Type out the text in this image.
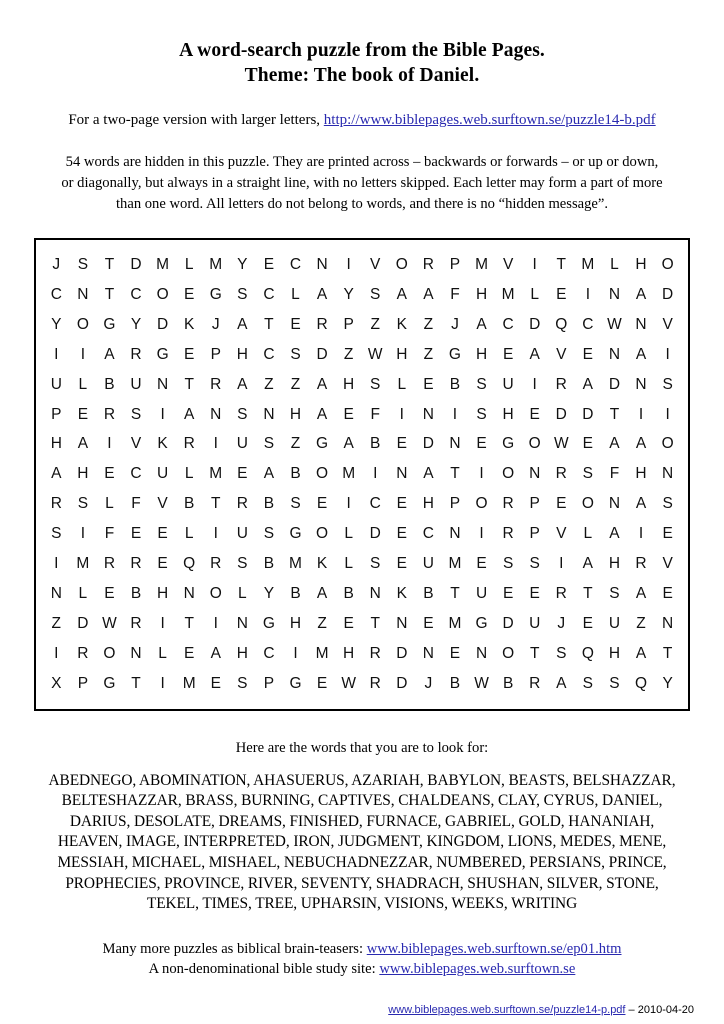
A word-search puzzle from the Bible Pages.
Theme: The book of Daniel.
For a two-page version with larger letters, http://www.biblepages.web.surftown.se/puzzle14-b.pdf
54 words are hidden in this puzzle. They are printed across – backwards or forwards – or up or down,
or diagonally, but always in a straight line, with no letters skipped. Each letter may form a part of more
than one word. All letters do not belong to words, and there is no “hidden message”.
J	S	T	D	M	L	M	Y	E	C	N	I	V	O	R	P	M	V	I	T	M	L	H	O
C	N	T	C	O	E	G	S	C	L	A	Y	S	A	A	F	H	M	L	E	I	N	A	D
Y	O	G	Y	D	K	J	A	T	E	R	P	Z	K	Z	J	A	C	D	Q	C	W	N	V
I	I	A	R	G	E	P	H	C	S	D	Z	W	H	Z	G	H	E	A	V	E	N	A	I
U	L	B	U	N	T	R	A	Z	Z	A	H	S	L	E	B	S	U	I	R	A	D	N	S
P	E	R	S	I	A	N	S	N	H	A	E	F	I	N	I	S	H	E	D	D	T	I	I
H	A	I	V	K	R	I	U	S	Z	G	A	B	E	D	N	E	G	O	W	E	A	A	O
A	H	E	C	U	L	M	E	A	B	O	M	I	N	A	T	I	O	N	R	S	F	H	N
R	S	L	F	V	B	T	R	B	S	E	I	C	E	H	P	O	R	P	E	O	N	A	S
S	I	F	E	E	L	I	U	S	G	O	L	D	E	C	N	I	R	P	V	L	A	I	E
I	M	R	R	E	Q	R	S	B	M	K	L	S	E	U	M	E	S	S	I	A	H	R	V
N	L	E	B	H	N	O	L	Y	B	A	B	N	K	B	T	U	E	E	R	T	S	A	E
Z	D	W	R	I	T	I	N	G	H	Z	E	T	N	E	M	G	D	U	J	E	U	Z	N
I	R	O	N	L	E	A	H	C	I	M	H	R	D	N	E	N	O	T	S	Q	H	A	T
X	P	G	T	I	M	E	S	P	G	E	W	R	D	J	B	W	B	R	A	S	S	Q	Y
Here are the words that you are to look for:
ABEDNEGO, ABOMINATION, AHASUERUS, AZARIAH, BABYLON, BEASTS, BELSHAZZAR,
BELTESHAZZAR, BRASS, BURNING, CAPTIVES, CHALDEANS, CLAY, CYRUS, DANIEL,
DARIUS, DESOLATE, DREAMS, FINISHED, FURNACE, GABRIEL, GOLD, HANANIAH,
HEAVEN, IMAGE, INTERPRETED, IRON, JUDGMENT, KINGDOM, LIONS, MEDES, MENE,
MESSIAH, MICHAEL, MISHAEL, NEBUCHADNEZZAR, NUMBERED, PERSIANS, PRINCE,
PROPHECIES, PROVINCE, RIVER, SEVENTY, SHADRACH, SHUSHAN, SILVER, STONE,
TEKEL, TIMES, TREE, UPHARSIN, VISIONS, WEEKS, WRITING
Many more puzzles as biblical brain-teasers: www.biblepages.web.surftown.se/ep01.htm
A non-denominational bible study site: www.biblepages.web.surftown.se
www.biblepages.web.surftown.se/puzzle14-p.pdf – 2010-04-20
